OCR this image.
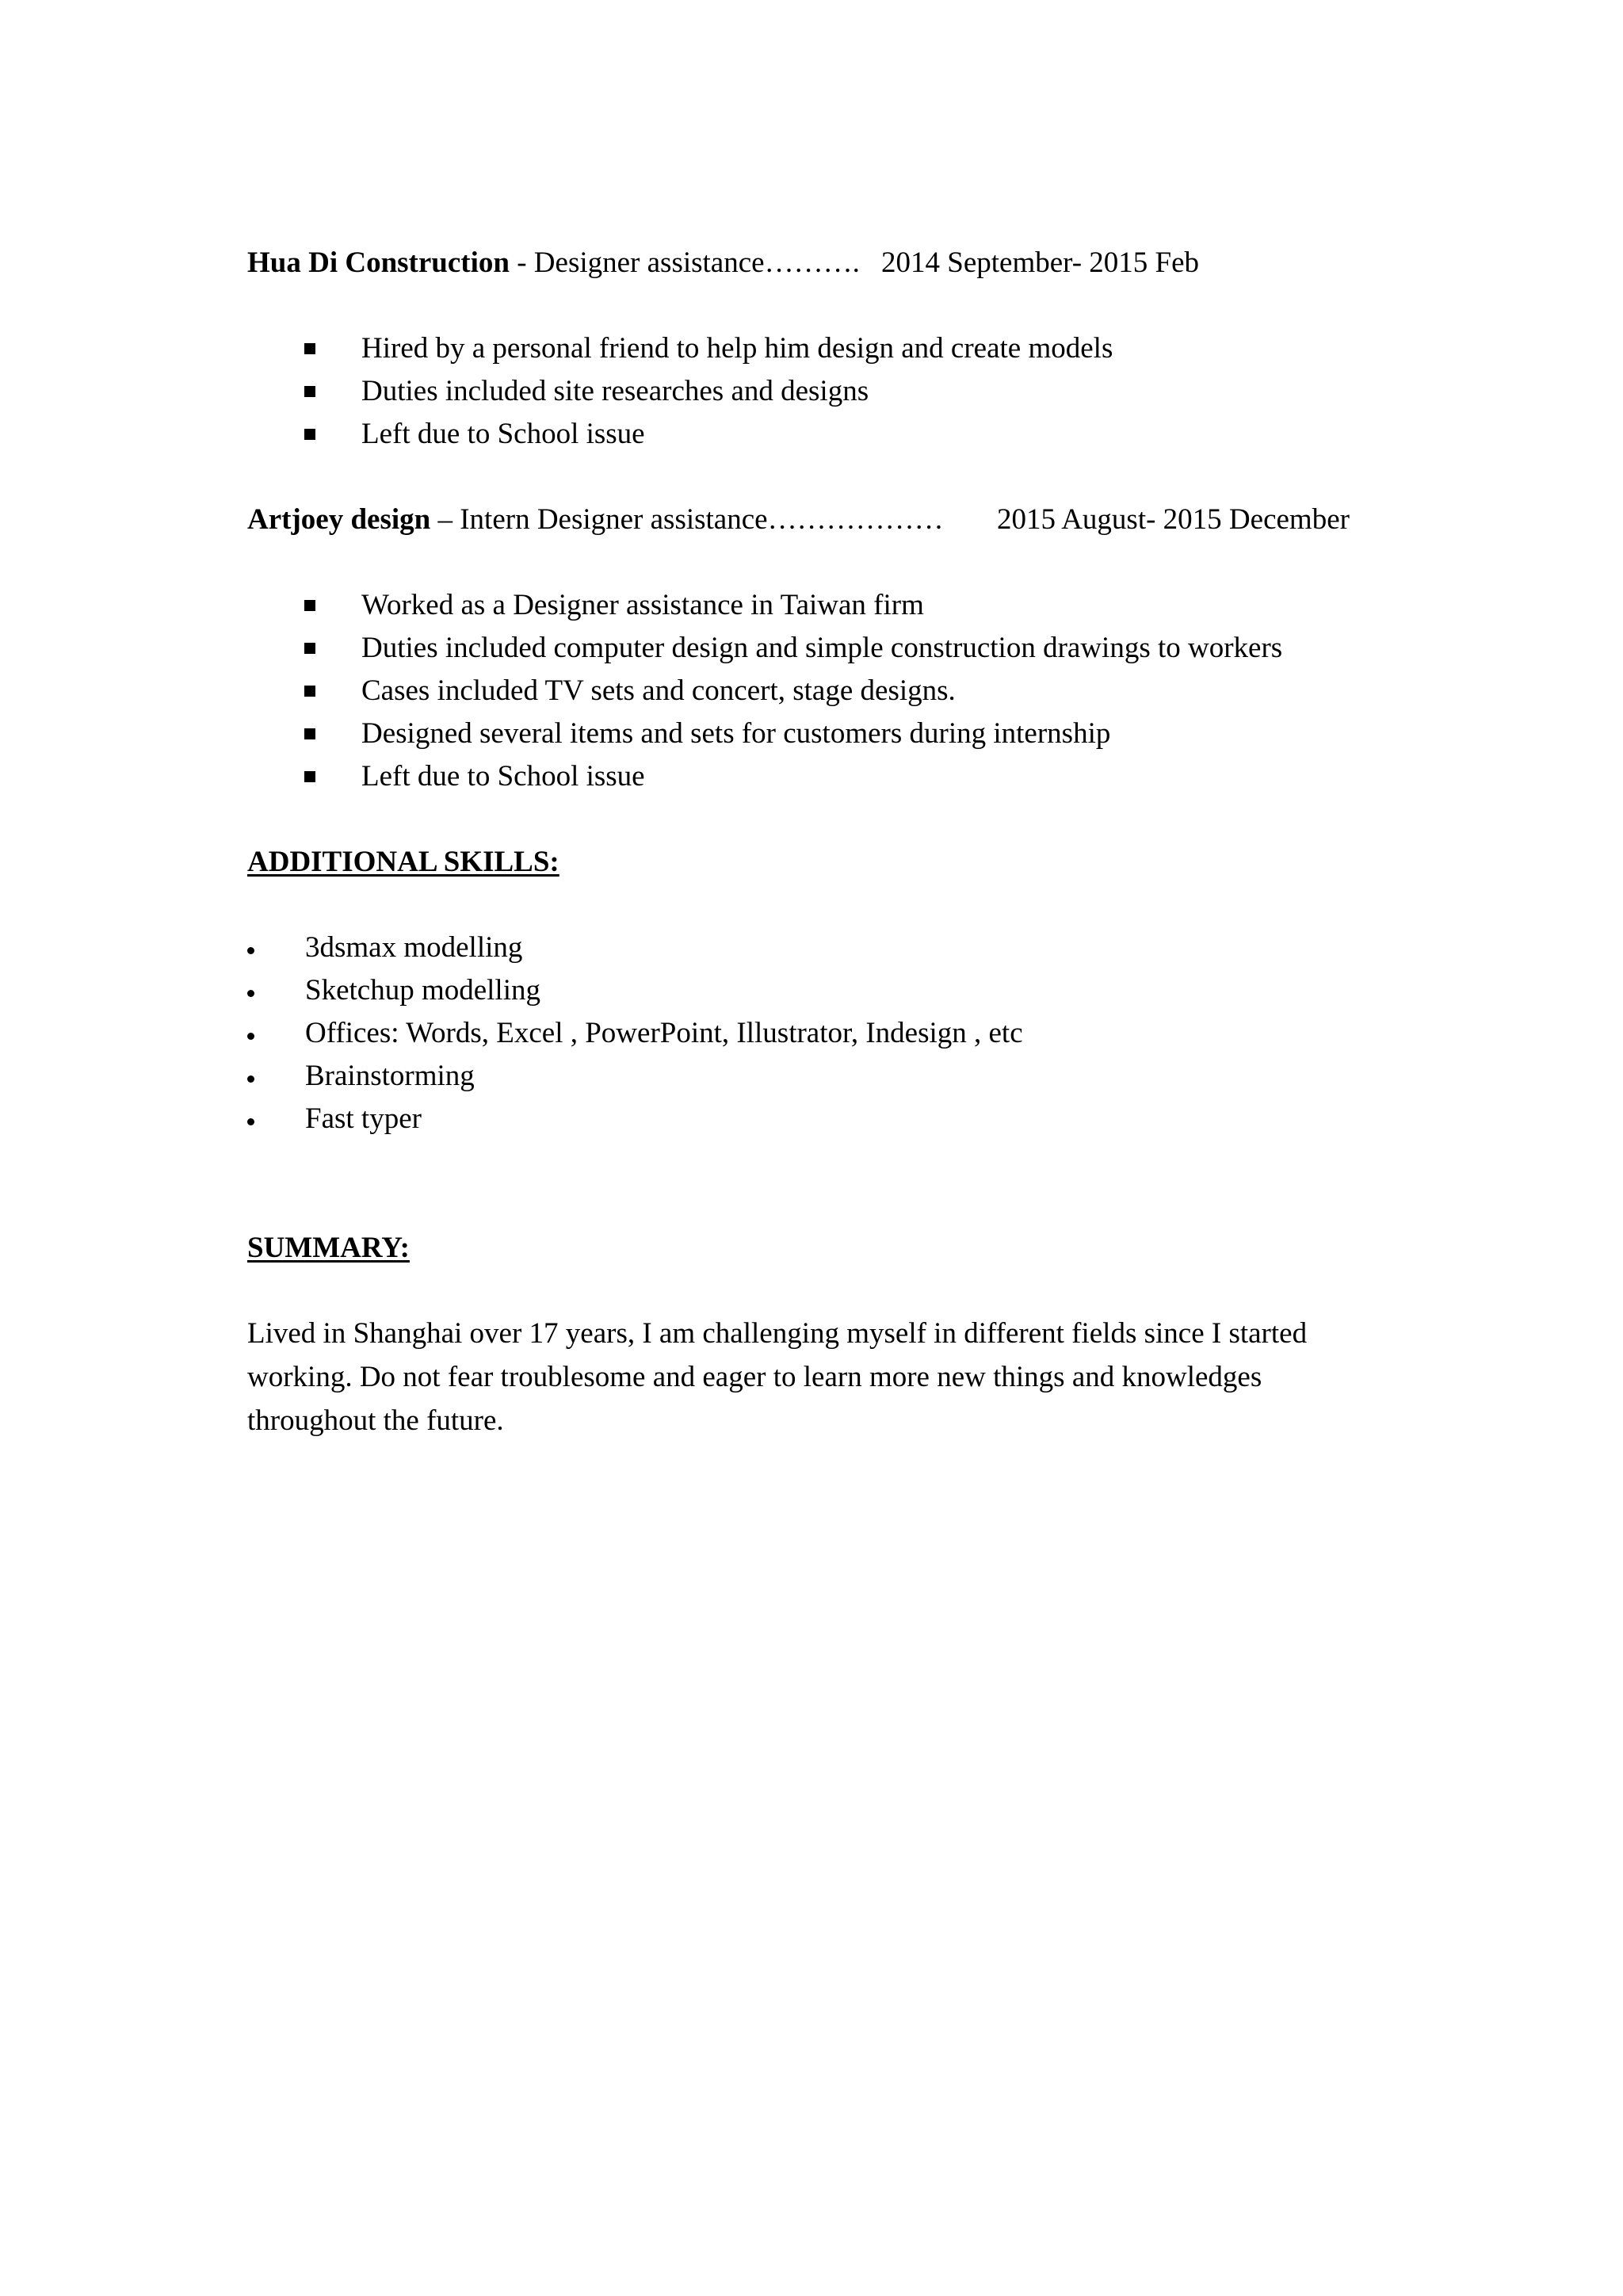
Hua Di Construction - Designer assistance………. 2014 September- 2015 Feb
Hired by a personal friend to help him design and create models
Duties included site researches and designs
Left due to School issue
Artjoey design – Intern Designer assistance……………… 2015 August- 2015 December
Worked as a Designer assistance in Taiwan firm
Duties included computer design and simple construction drawings to workers
Cases included TV sets and concert, stage designs.
Designed several items and sets for customers during internship
Left due to School issue
ADDITIONAL SKILLS:
3dsmax modelling
Sketchup modelling
Offices: Words, Excel , PowerPoint, Illustrator, Indesign , etc
Brainstorming
Fast typer
SUMMARY:
Lived in Shanghai over 17 years, I am challenging myself in different fields since I started working. Do not fear troublesome and eager to learn more new things and knowledges throughout the future.
